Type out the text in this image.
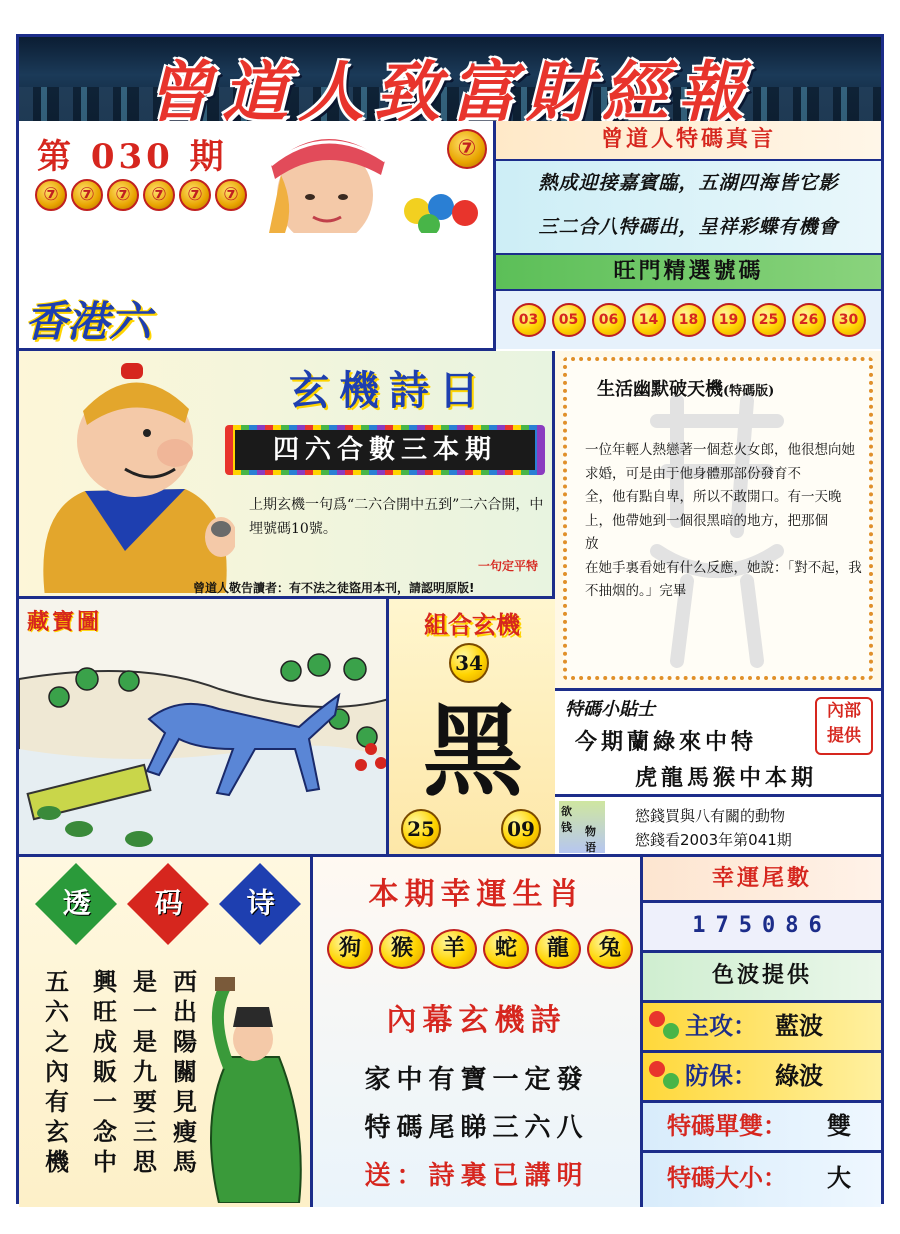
曾道人致富財經報
第 030 期
⑦	⑦	⑦	⑦	⑦	⑦
香港六
⑦	曾道人特碼真言

熱成迎接嘉賓臨，五湖四海皆它影

三二合八特碼出，呈祥彩蝶有機會

旺門精選號碼
03	05	06	14	18	19	25	26	30
玄機詩日
四六合數三本期
上期玄機一句爲“二六合開中五到”二六合開，中埋號碼10號。
一句定平特
曾道人敬告讀者：有不法之徒盜用本刊，請認明原版!
生活幽默破天機(特碼版)

一位年輕人熱戀著一個惹火女郎，他很想向她求婚，可是由于他身體那部份發育不

全，他有點自卑，所以不敢開口。有一天晚上，他帶她到一個很黑暗的地方，把那個

放

在她手裏看她有什么反應，她說：「對不起，我不抽烟的。」完畢

藏寶圖	組合玄機
34
黑
25	09
特碼小貼士	內部
提供
今期蘭綠來中特
虎龍馬猴中本期
欲
钱 物
语
慾錢買與八有關的動物
慾錢看2003年第041期
透	码	诗
西出陽關見瘦馬
是一是九要三思
興旺成販一念中
五六之內有玄機
本期幸運生肖
狗	猴	羊	蛇	龍	兔
內幕玄機詩
家中有寶一定發
特碼尾睇三六八
送：詩裏已講明
幸運尾數
175086
色波提供
主攻： 藍波
防保： 綠波
特碼單雙： 雙
特碼大小： 大
